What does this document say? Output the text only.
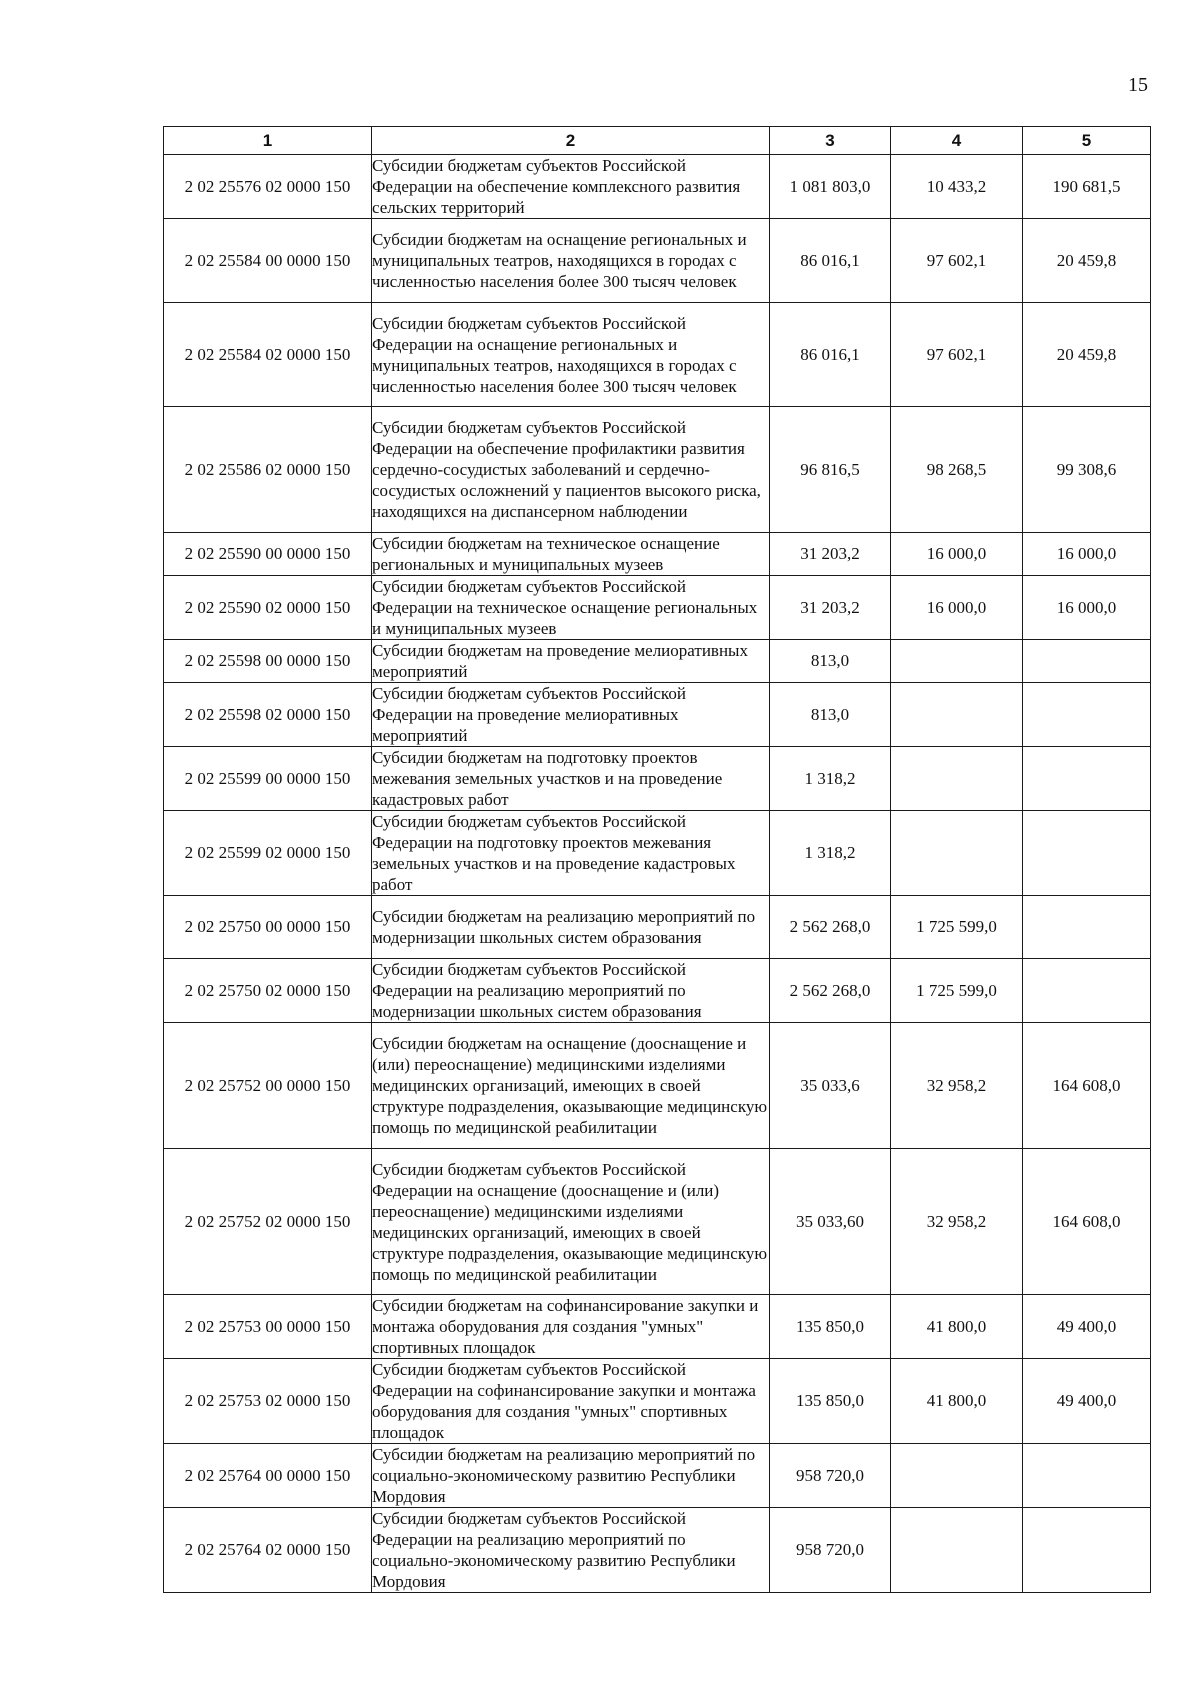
15
1	2	3	4	5
2 02 25576 02 0000 150	Субсидии бюджетам субъектов Российской Федерации на обеспечение комплексного развития сельских территорий	1 081 803,0	10 433,2	190 681,5
2 02 25584 00 0000 150	Субсидии бюджетам на оснащение региональных и муниципальных театров, находящихся в городах с численностью населения более 300 тысяч человек	86 016,1	97 602,1	20 459,8
2 02 25584 02 0000 150	Субсидии бюджетам субъектов Российской Федерации на оснащение региональных и муниципальных театров, находящихся в городах с численностью населения более 300 тысяч человек	86 016,1	97 602,1	20 459,8
2 02 25586 02 0000 150	Субсидии бюджетам субъектов Российской Федерации на обеспечение профилактики развития сердечно-сосудистых заболеваний и сердечно-сосудистых осложнений у пациентов высокого риска, находящихся на диспансерном наблюдении	96 816,5	98 268,5	99 308,6
2 02 25590 00 0000 150	Субсидии бюджетам на техническое оснащение региональных и муниципальных музеев	31 203,2	16 000,0	16 000,0
2 02 25590 02 0000 150	Субсидии бюджетам субъектов Российской Федерации на техническое оснащение региональных и муниципальных музеев	31 203,2	16 000,0	16 000,0
2 02 25598 00 0000 150	Субсидии бюджетам на проведение мелиоративных мероприятий	813,0		
2 02 25598 02 0000 150	Субсидии бюджетам субъектов Российской Федерации на проведение мелиоративных мероприятий	813,0		
2 02 25599 00 0000 150	Субсидии бюджетам на подготовку проектов межевания земельных участков и на проведение кадастровых работ	1 318,2		
2 02 25599 02 0000 150	Субсидии бюджетам субъектов Российской Федерации на подготовку проектов межевания земельных участков и на проведение кадастровых работ	1 318,2		
2 02 25750 00 0000 150	Субсидии бюджетам на реализацию мероприятий по модернизации школьных систем образования	2 562 268,0	1 725 599,0	
2 02 25750 02 0000 150	Субсидии бюджетам субъектов Российской Федерации на реализацию мероприятий по модернизации школьных систем образования	2 562 268,0	1 725 599,0	
2 02 25752 00 0000 150	Субсидии бюджетам на оснащение (дооснащение и (или) переоснащение) медицинскими изделиями медицинских организаций, имеющих в своей структуре подразделения, оказывающие медицинскую помощь по медицинской реабилитации	35 033,6	32 958,2	164 608,0
2 02 25752 02 0000 150	Субсидии бюджетам субъектов Российской Федерации на оснащение (дооснащение и (или) переоснащение) медицинскими изделиями медицинских организаций, имеющих в своей структуре подразделения, оказывающие медицинскую помощь по медицинской реабилитации	35 033,60	32 958,2	164 608,0
2 02 25753 00 0000 150	Субсидии бюджетам на софинансирование закупки и монтажа оборудования для создания "умных" спортивных площадок	135 850,0	41 800,0	49 400,0
2 02 25753 02 0000 150	Субсидии бюджетам субъектов Российской Федерации на софинансирование закупки и монтажа оборудования для создания "умных" спортивных площадок	135 850,0	41 800,0	49 400,0
2 02 25764 00 0000 150	Субсидии бюджетам на реализацию мероприятий по социально-экономическому развитию Республики Мордовия	958 720,0		
2 02 25764 02 0000 150	Субсидии бюджетам субъектов Российской Федерации на реализацию мероприятий по социально-экономическому развитию Республики Мордовия	958 720,0		
